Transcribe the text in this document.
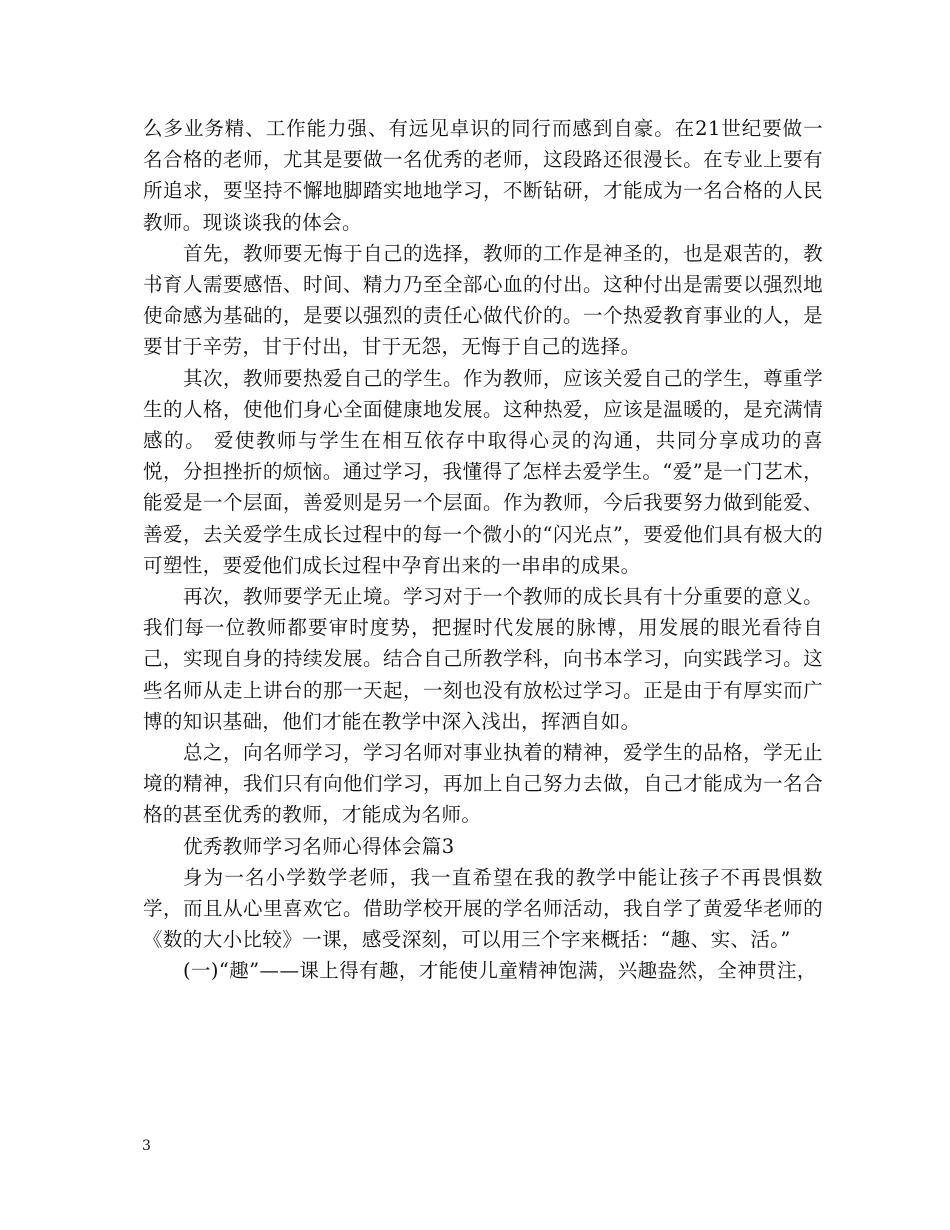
么多业务精、工作能力强、有远见卓识的同行而感到自豪。在21世纪要做一名合格的老师，尤其是要做一名优秀的老师，这段路还很漫长。在专业上要有所追求，要坚持不懈地脚踏实地地学习，不断钻研，才能成为一名合格的人民教师。现谈谈我的体会。

首先，教师要无悔于自己的选择，教师的工作是神圣的，也是艰苦的，教书育人需要感悟、时间、精力乃至全部心血的付出。这种付出是需要以强烈地使命感为基础的，是要以强烈的责任心做代价的。一个热爱教育事业的人，是要甘于辛劳，甘于付出，甘于无怨，无悔于自己的选择。

其次，教师要热爱自己的学生。作为教师，应该关爱自己的学生，尊重学生的人格，使他们身心全面健康地发展。这种热爱，应该是温暖的，是充满情感的。 爱使教师与学生在相互依存中取得心灵的沟通，共同分享成功的喜悦，分担挫折的烦恼。通过学习，我懂得了怎样去爱学生。“爱”是一门艺术，能爱是一个层面，善爱则是另一个层面。作为教师，今后我要努力做到能爱、善爱，去关爱学生成长过程中的每一个微小的“闪光点”，要爱他们具有极大的可塑性，要爱他们成长过程中孕育出来的一串串的成果。

再次，教师要学无止境。学习对于一个教师的成长具有十分重要的意义。我们每一位教师都要审时度势，把握时代发展的脉博，用发展的眼光看待自己，实现自身的持续发展。结合自己所教学科，向书本学习，向实践学习。这些名师从走上讲台的那一天起，一刻也没有放松过学习。正是由于有厚实而广博的知识基础，他们才能在教学中深入浅出，挥洒自如。

总之，向名师学习，学习名师对事业执着的精神，爱学生的品格，学无止境的精神，我们只有向他们学习，再加上自己努力去做，自己才能成为一名合格的甚至优秀的教师，才能成为名师。

优秀教师学习名师心得体会篇3

身为一名小学数学老师，我一直希望在我的教学中能让孩子不再畏惧数学，而且从心里喜欢它。借助学校开展的学名师活动，我自学了黄爱华老师的《数的大小比较》一课，感受深刻，可以用三个字来概括：“趣、实、活。”

(一)“趣”——课上得有趣，才能使儿童精神饱满，兴趣盎然，全神贯注，

3
